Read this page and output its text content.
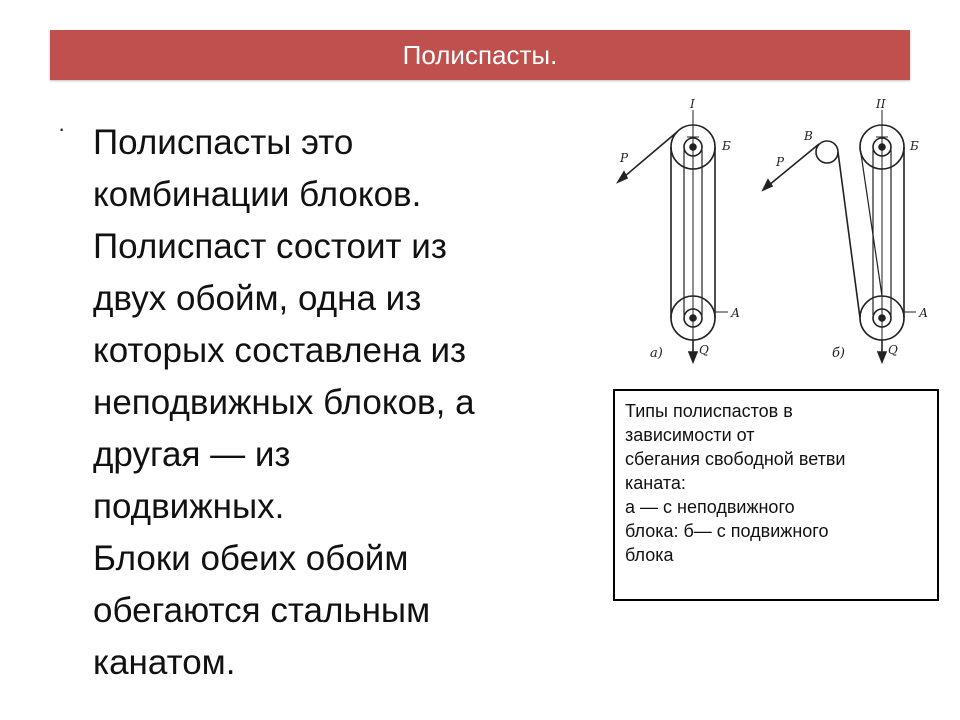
Полиспасты.
· Полиспасты это
комбинации блоков.
Полиспаст состоит из
двух обойм, одна из
которых составлена из
неподвижных блоков, а
другая — из
подвижных.
Блоки обеих обойм
обегаются стальным
канатом.

I
P
Б
А
Q
а)
II
В
P
Б
А
Q
б)
Типы полиспастов в
зависимости от
сбегания свободной ветви
каната:
а — с неподвижного
блока: б— с подвижного
блока
